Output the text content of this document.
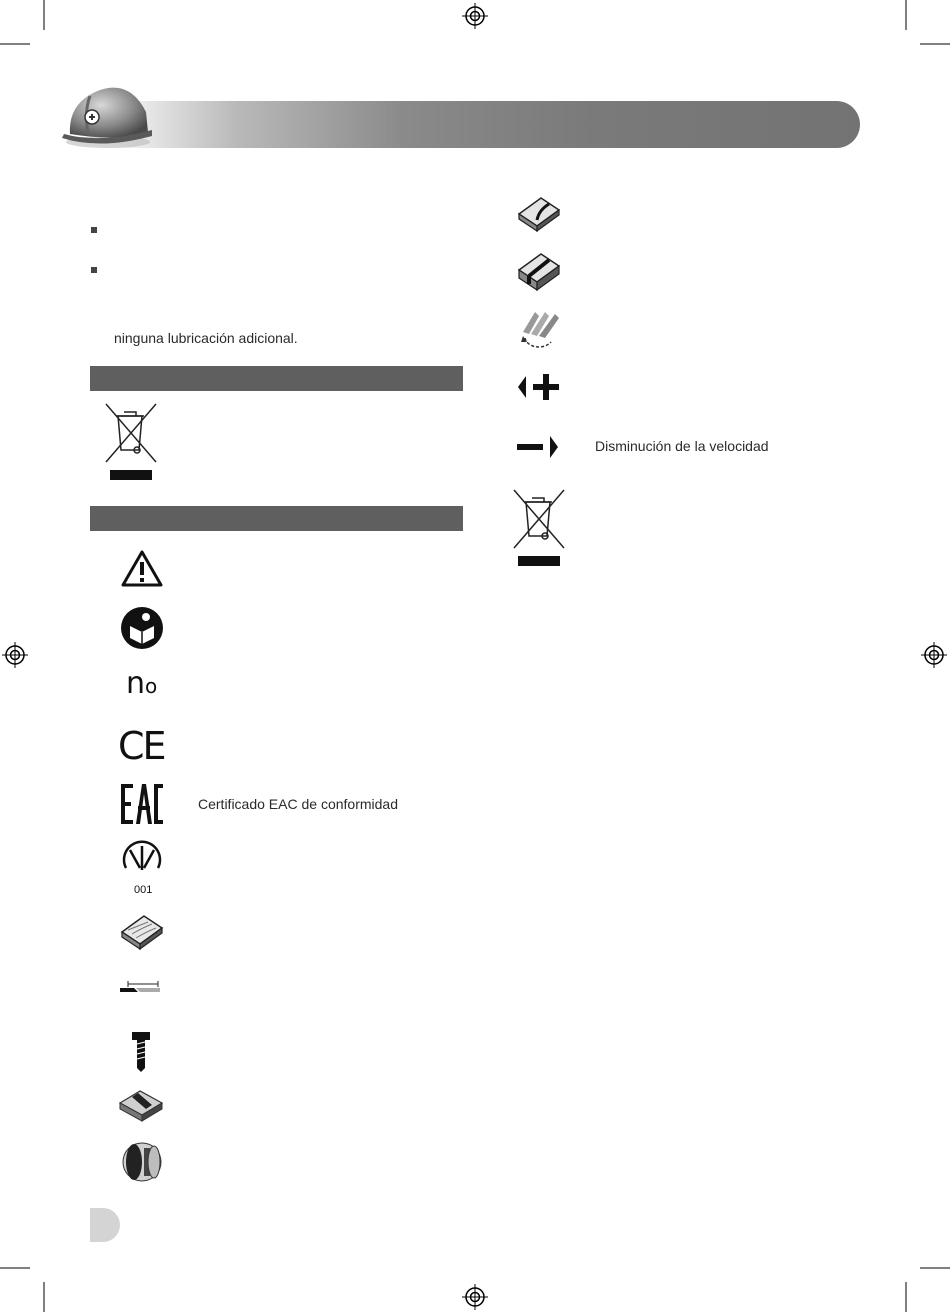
ninguna lubricación adicional.
no
CE
Certificado EAC de conformidad
001
Disminución de la velocidad
